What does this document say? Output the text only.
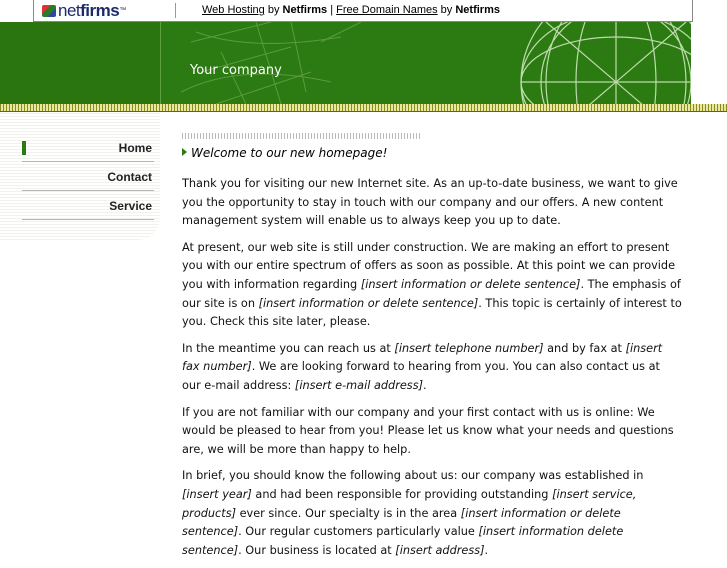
netfirms™	Web Hosting by Netfirms | Free Domain Names by Netfirms
Your company
Home
Contact
Service
Welcome to our new homepage!

Thank you for visiting our new Internet site. As an up-to-date business, we want to give you the opportunity to stay in touch with our company and our offers. A new content management system will enable us to always keep you up to date.

At present, our web site is still under construction. We are making an effort to present you with our entire spectrum of offers as soon as possible. At this point we can provide you with information regarding [insert information or delete sentence]. The emphasis of our site is on [insert information or delete sentence]. This topic is certainly of interest to you. Check this site later, please.

In the meantime you can reach us at [insert telephone number] and by fax at [insert fax number]. We are looking forward to hearing from you. You can also contact us at our e-mail address: [insert e-mail address].

If you are not familiar with our company and your first contact with us is online: We would be pleased to hear from you! Please let us know what your needs and questions are, we will be more than happy to help.

In brief, you should know the following about us: our company was established in [insert year] and had been responsible for providing outstanding [insert service, products] ever since. Our specialty is in the area [insert information or delete sentence]. Our regular customers particularly value [insert information delete sentence]. Our business is located at [insert address].
